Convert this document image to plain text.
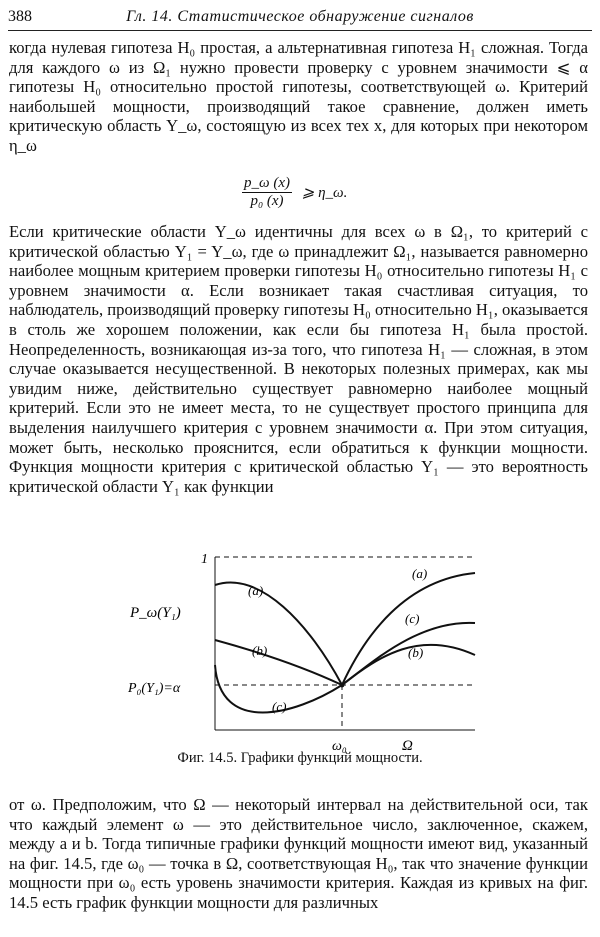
388	Гл. 14. Статистическое обнаружение сигналов

когда нулевая гипотеза H₀ простая, а альтернативная гипотеза H₁ сложная. Тогда для каждого ω из Ω₁ нужно провести проверку с уровнем значимости ⩽ α гипотезы H₀ относительно простой гипотезы, соответствующей ω. Критерий наибольшей мощности, производящий такое сравнение, должен иметь критическую область Y_ω, состоящую из всех тех x, для которых при некотором η_ω

$\frac{p\_\omega (x)}{\text{p₀ (x)}}$ ⩾ η_ω.

Если критические области Y_ω идентичны для всех ω в Ω₁, то критерий с критической областью Y₁ = Y_ω, где ω принадлежит Ω₁, называется равномерно наиболее мощным критерием проверки гипотезы H₀ относительно гипотезы H₁ с уровнем значимости α. Если возникает такая счастливая ситуация, то наблюдатель, производящий проверку гипотезы H₀ относительно H₁, оказывается в столь же хорошем положении, как если бы гипотеза H₁ была простой. Неопределенность, возникающая из-за того, что гипотеза H₁ — сложная, в этом случае оказывается несущественной. В некоторых полезных примерах, как мы увидим ниже, действительно существует равномерно наиболее мощный критерий. Если это не имеет места, то не существует простого принципа для выделения наилучшего критерия с уровнем значимости α. При этом ситуация, может быть, несколько прояснится, если обратиться к функции мощности. Функция мощности критерия с критической областью Y₁ — это вероятность критической области Y₁ как функции

1
P_ω(Y₁)
P₀(Y₁)=α
ω₀	Ω
(a)
(b)
(c)
(a)
(c)
(b)
Фиг. 14.5. Графики функций мощности.

от ω. Предположим, что Ω — некоторый интервал на действительной оси, так что каждый элемент ω — это действительное число, заключенное, скажем, между a и b. Тогда типичные графики функций мощности имеют вид, указанный на фиг. 14.5, где ω₀ — точка в Ω, соответствующая H₀, так что значение функции мощности при ω₀ есть уровень значимости критерия. Каждая из кривых на фиг. 14.5 есть график функции мощности для различных
